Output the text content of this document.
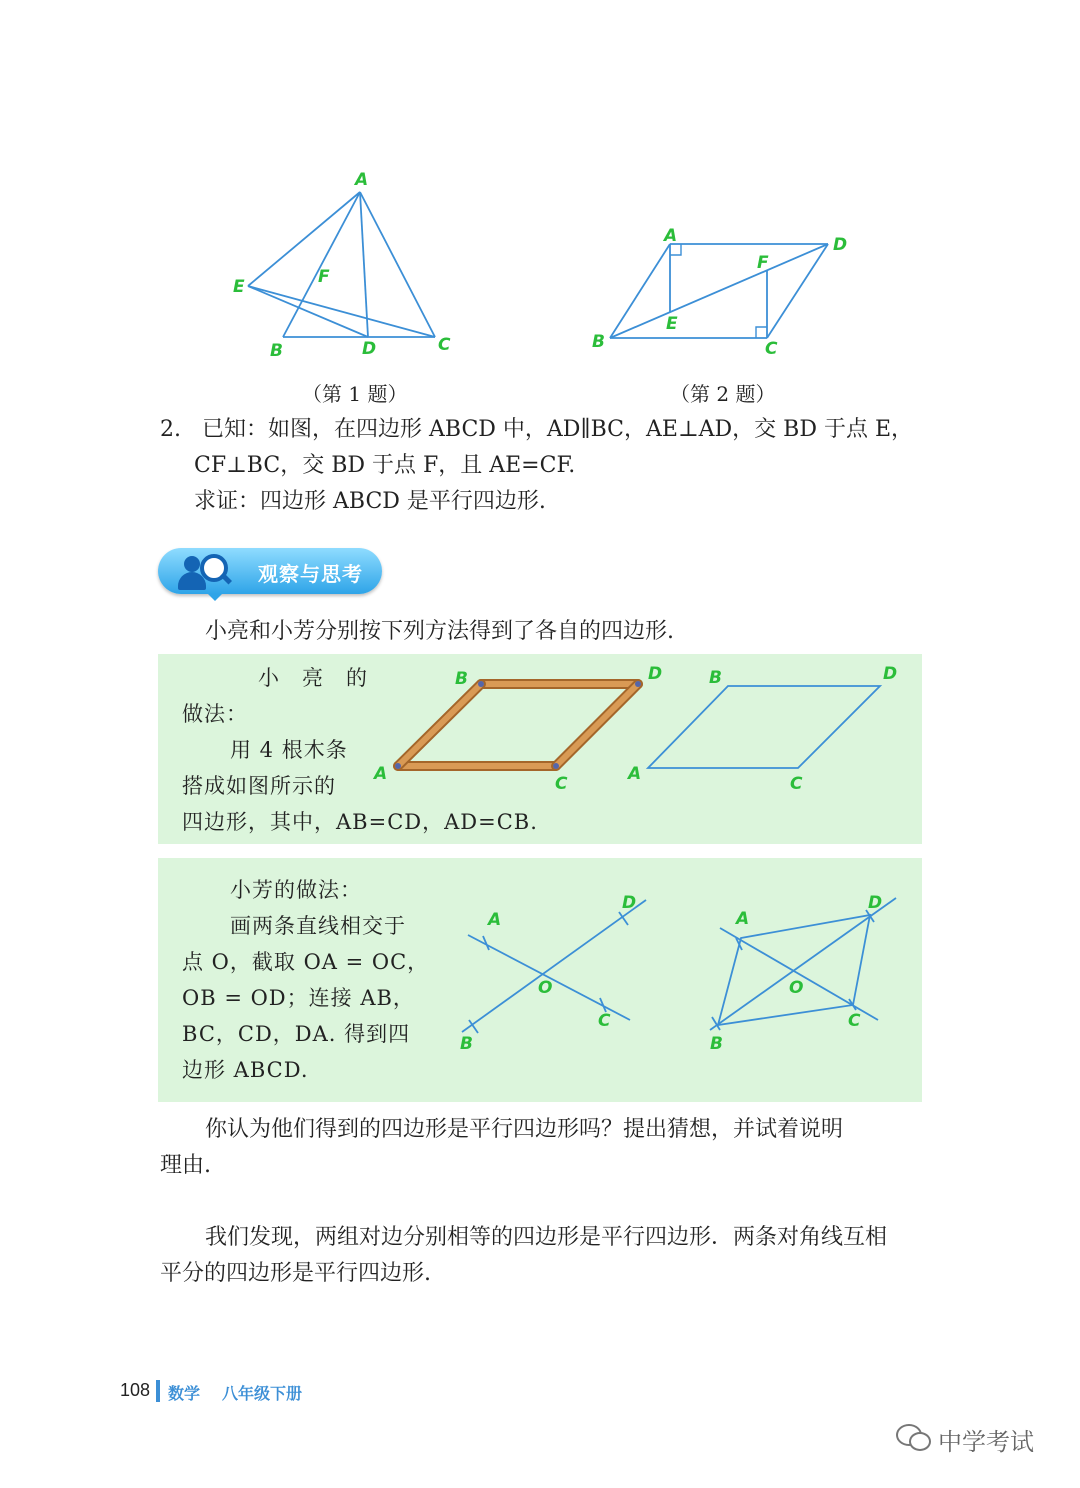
A
B	C
D
E	F
A
B	C
D
E
F
（第 1 题）	（第 2 题）
2. 已知：如图，在四边形 ABCD 中，AD∥BC，AE⊥AD，交 BD 于点 E，
CF⊥BC，交 BD 于点 F，且 AE=CF.
求证：四边形 ABCD 是平行四边形.
观察与思考
小亮和小芳分别按下列方法得到了各自的四边形.
小　亮　的
做法：
用 4 根木条
搭成如图所示的
四边形，其中，AB=CD，AD=CB.
B	D
A	C
B	D
A	C
小芳的做法：
画两条直线相交于
点 O，截取 OA = OC，
OB = OD；连接 AB，
BC，CD，DA. 得到四
边形 ABCD.
A
B
C
D
O
A
B
C
D
O
你认为他们得到的四边形是平行四边形吗？提出猜想，并试着说明
理由.
我们发现，两组对边分别相等的四边形是平行四边形．两条对角线互相
平分的四边形是平行四边形.
108 数学 八年级下册
中学考试
